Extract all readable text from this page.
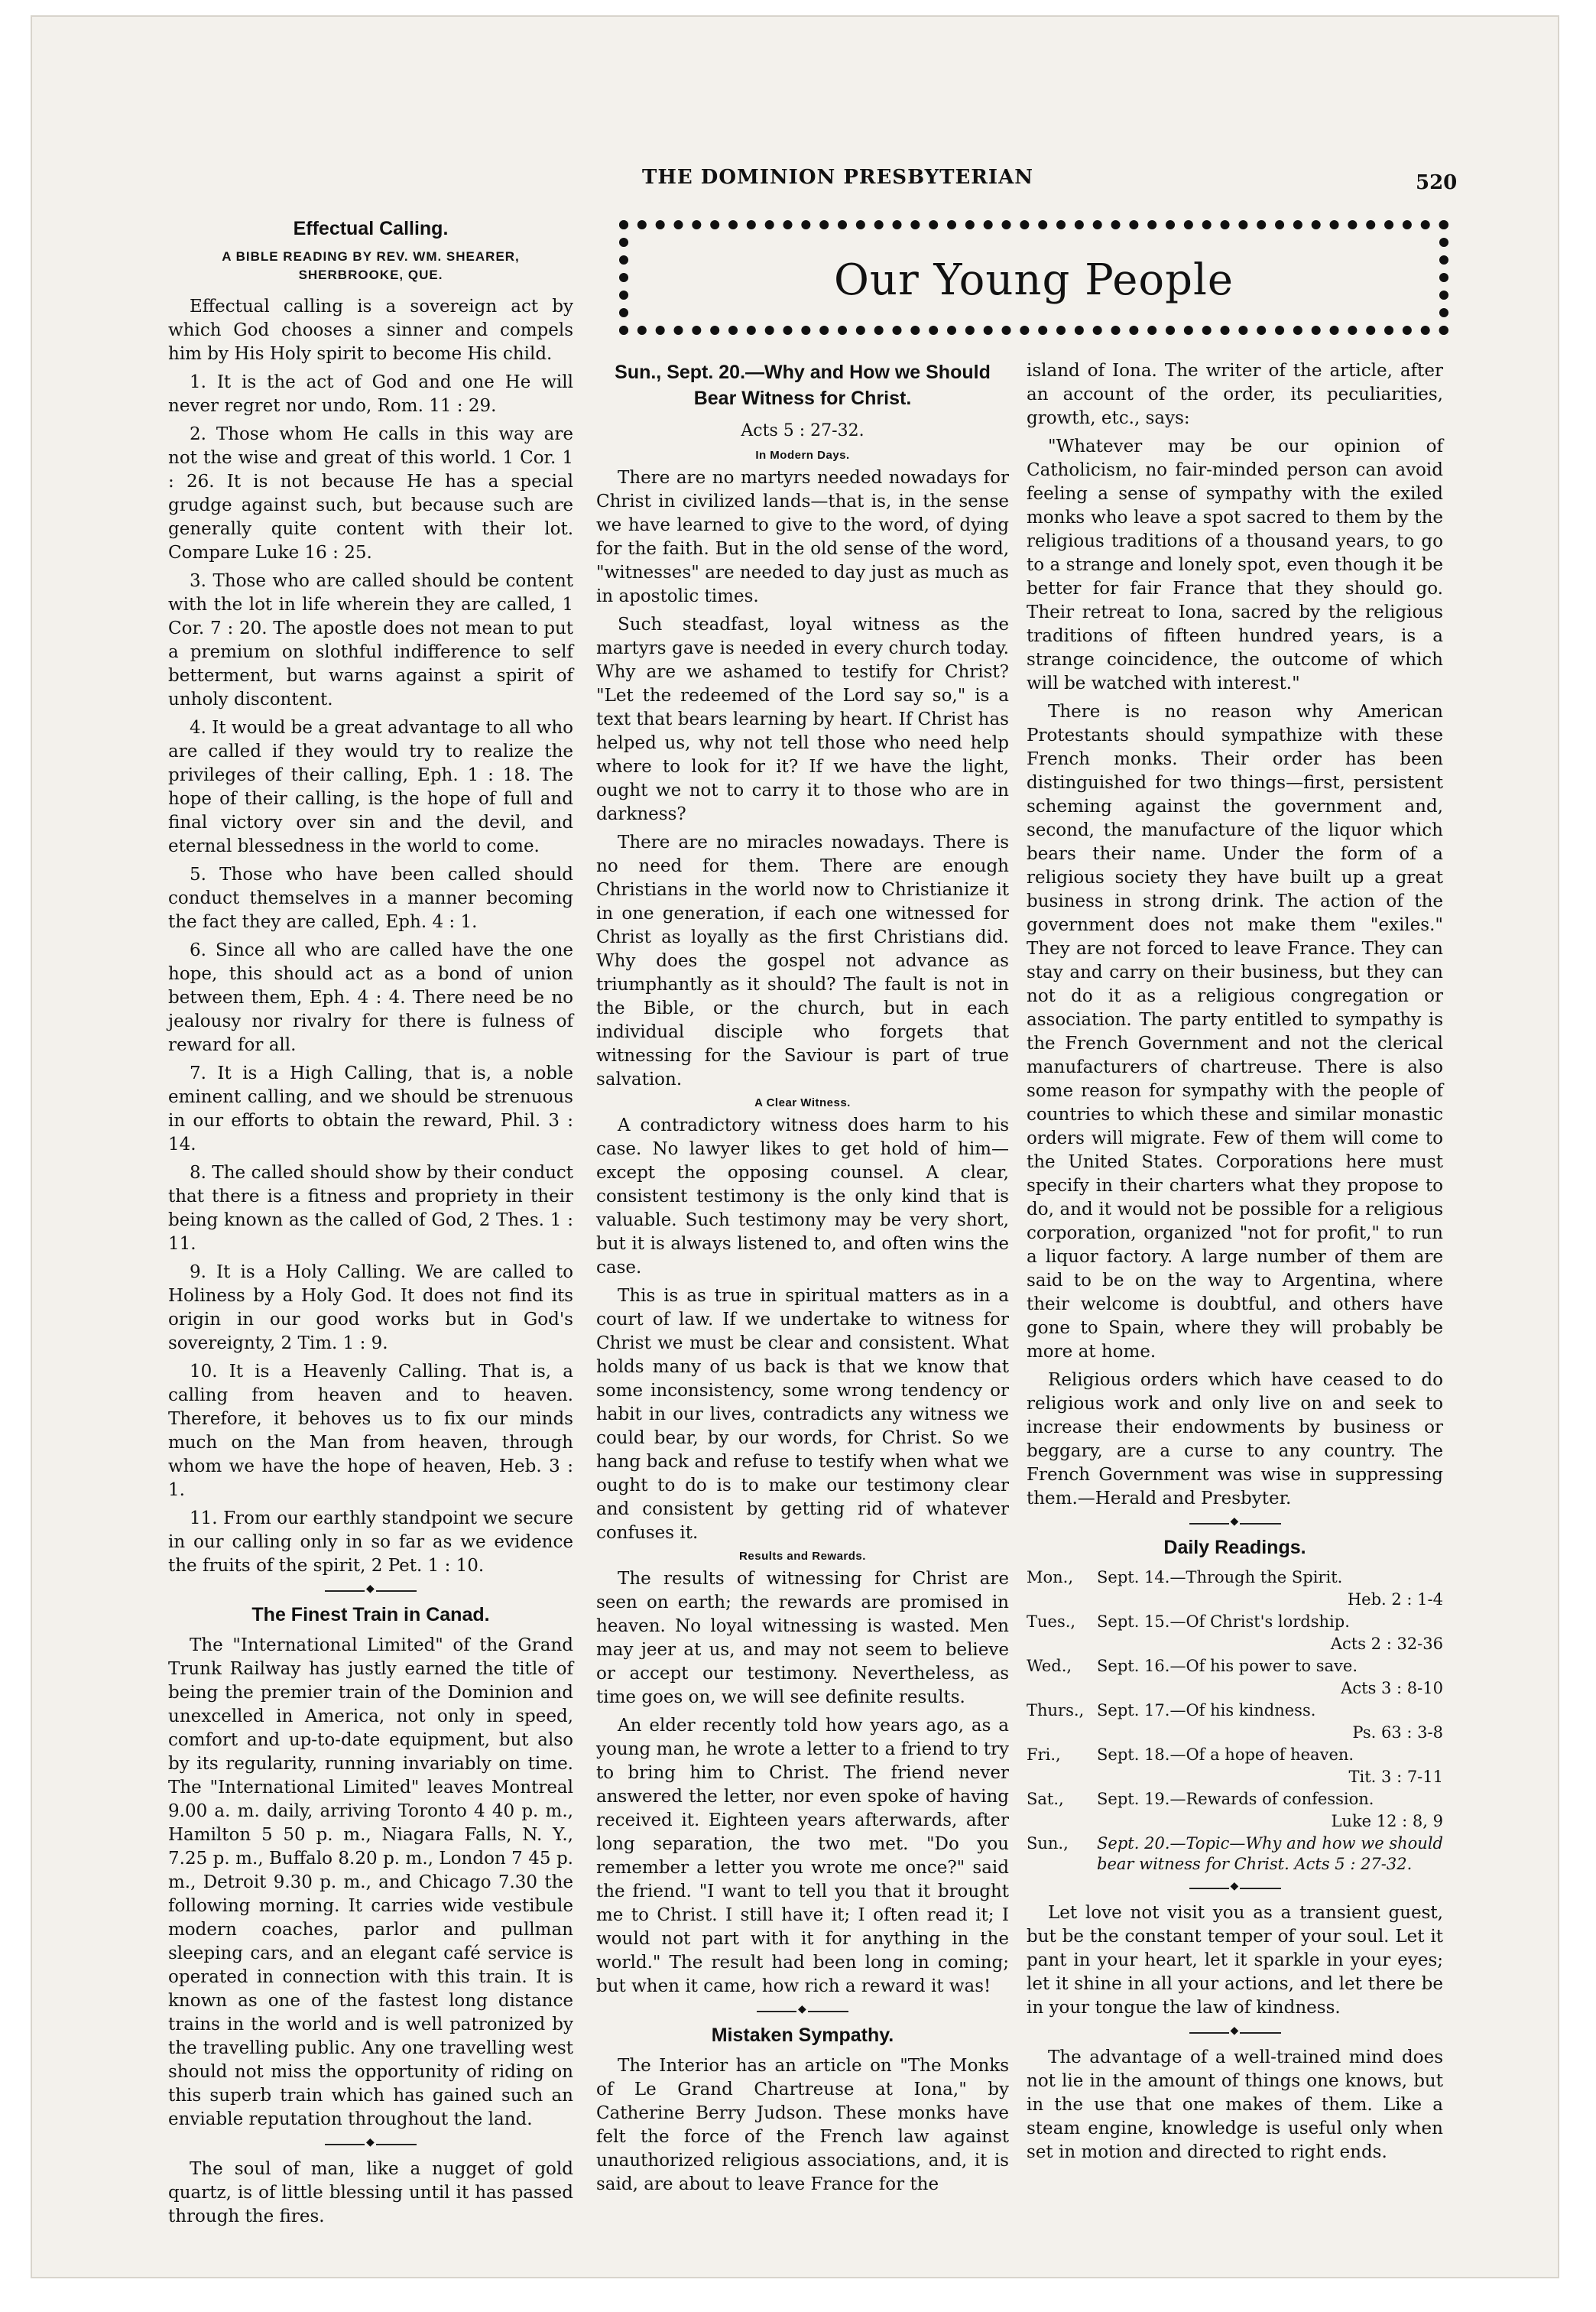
THE DOMINION PRESBYTERIAN	520
Our Young People
Effectual Calling.
A BIBLE READING BY REV. WM. SHEARER, SHERBROOKE, QUE.

Effectual calling is a sovereign act by which God chooses a sinner and compels him by His Holy spirit to become His child.

1. It is the act of God and one He will never regret nor undo, Rom. 11 : 29.

2. Those whom He calls in this way are not the wise and great of this world. 1 Cor. 1 : 26. It is not because He has a special grudge against such, but because such are generally quite content with their lot. Compare Luke 16 : 25.

3. Those who are called should be content with the lot in life wherein they are called, 1 Cor. 7 : 20. The apostle does not mean to put a premium on slothful indifference to self betterment, but warns against a spirit of unholy discontent.

4. It would be a great advantage to all who are called if they would try to realize the privileges of their calling, Eph. 1 : 18. The hope of their calling, is the hope of full and final victory over sin and the devil, and eternal blessedness in the world to come.

5. Those who have been called should conduct themselves in a manner becoming the fact they are called, Eph. 4 : 1.

6. Since all who are called have the one hope, this should act as a bond of union between them, Eph. 4 : 4. There need be no jealousy nor rivalry for there is fulness of reward for all.

7. It is a High Calling, that is, a noble eminent calling, and we should be strenuous in our efforts to obtain the reward, Phil. 3 : 14.

8. The called should show by their conduct that there is a fitness and propriety in their being known as the called of God, 2 Thes. 1 : 11.

9. It is a Holy Calling. We are called to Holiness by a Holy God. It does not find its origin in our good works but in God's sovereignty, 2 Tim. 1 : 9.

10. It is a Heavenly Calling. That is, a calling from heaven and to heaven. Therefore, it behoves us to fix our minds much on the Man from heaven, through whom we have the hope of heaven, Heb. 3 : 1.

11. From our earthly standpoint we secure in our calling only in so far as we evidence the fruits of the spirit, 2 Pet. 1 : 10.

◆
The Finest Train in Canad.

The "International Limited" of the Grand Trunk Railway has justly earned the title of being the premier train of the Dominion and unexcelled in America, not only in speed, comfort and up-to-date equipment, but also by its regularity, running invariably on time. The "International Limited" leaves Montreal 9.00 a. m. daily, arriving Toronto 4 40 p. m., Hamilton 5 50 p. m., Niagara Falls, N. Y., 7.25 p. m., Buffalo 8.20 p. m., London 7 45 p. m., Detroit 9.30 p. m., and Chicago 7.30 the following morning. It carries wide vestibule modern coaches, parlor and pullman sleeping cars, and an elegant café service is operated in connection with this train. It is known as one of the fastest long distance trains in the world and is well patronized by the travelling public. Any one travelling west should not miss the opportunity of riding on this superb train which has gained such an enviable reputation throughout the land.

◆

The soul of man, like a nugget of gold quartz, is of little blessing until it has passed through the fires.

Sun., Sept. 20.—Why and How we Should Bear Witness for Christ.

Acts 5 : 27-32.

In Modern Days.

There are no martyrs needed nowadays for Christ in civilized lands—that is, in the sense we have learned to give to the word, of dying for the faith. But in the old sense of the word, "witnesses" are needed to day just as much as in apostolic times.

Such steadfast, loyal witness as the martyrs gave is needed in every church today. Why are we ashamed to testify for Christ? "Let the redeemed of the Lord say so," is a text that bears learning by heart. If Christ has helped us, why not tell those who need help where to look for it? If we have the light, ought we not to carry it to those who are in darkness?

There are no miracles nowadays. There is no need for them. There are enough Christians in the world now to Christianize it in one generation, if each one witnessed for Christ as loyally as the first Christians did. Why does the gospel not advance as triumphantly as it should? The fault is not in the Bible, or the church, but in each individual disciple who forgets that witnessing for the Saviour is part of true salvation.

A Clear Witness.

A contradictory witness does harm to his case. No lawyer likes to get hold of him—except the opposing counsel. A clear, consistent testimony is the only kind that is valuable. Such testimony may be very short, but it is always listened to, and often wins the case.

This is as true in spiritual matters as in a court of law. If we undertake to witness for Christ we must be clear and consistent. What holds many of us back is that we know that some inconsistency, some wrong tendency or habit in our lives, contradicts any witness we could bear, by our words, for Christ. So we hang back and refuse to testify when what we ought to do is to make our testimony clear and consistent by getting rid of whatever confuses it.

Results and Rewards.

The results of witnessing for Christ are seen on earth; the rewards are promised in heaven. No loyal witnessing is wasted. Men may jeer at us, and may not seem to believe or accept our testimony. Nevertheless, as time goes on, we will see definite results.

An elder recently told how years ago, as a young man, he wrote a letter to a friend to try to bring him to Christ. The friend never answered the letter, nor even spoke of having received it. Eighteen years afterwards, after long separation, the two met. "Do you remember a letter you wrote me once?" said the friend. "I want to tell you that it brought me to Christ. I still have it; I often read it; I would not part with it for anything in the world." The result had been long in coming; but when it came, how rich a reward it was!

◆
Mistaken Sympathy.

The Interior has an article on "The Monks of Le Grand Chartreuse at Iona," by Catherine Berry Judson. These monks have felt the force of the French law against unauthorized religious associations, and, it is said, are about to leave France for the

island of Iona. The writer of the article, after an account of the order, its peculiarities, growth, etc., says:

"Whatever may be our opinion of Catholicism, no fair-minded person can avoid feeling a sense of sympathy with the exiled monks who leave a spot sacred to them by the religious traditions of a thousand years, to go to a strange and lonely spot, even though it be better for fair France that they should go. Their retreat to Iona, sacred by the religious traditions of fifteen hundred years, is a strange coincidence, the outcome of which will be watched with interest."

There is no reason why American Protestants should sympathize with these French monks. Their order has been distinguished for two things—first, persistent scheming against the government and, second, the manufacture of the liquor which bears their name. Under the form of a religious society they have built up a great business in strong drink. The action of the government does not make them "exiles." They are not forced to leave France. They can stay and carry on their business, but they can not do it as a religious congregation or association. The party entitled to sympathy is the French Government and not the clerical manufacturers of chartreuse. There is also some reason for sympathy with the people of countries to which these and similar monastic orders will migrate. Few of them will come to the United States. Corporations here must specify in their charters what they propose to do, and it would not be possible for a religious corporation, organized "not for profit," to run a liquor factory. A large number of them are said to be on the way to Argentina, where their welcome is doubtful, and others have gone to Spain, where they will probably be more at home.

Religious orders which have ceased to do religious work and only live on and seek to increase their endowments by business or beggary, are a curse to any country. The French Government was wise in suppressing them.—Herald and Presbyter.

◆
Daily Readings.
Mon.,	Sept. 14.—Through the Spirit.
	Heb. 2 : 1-4
Tues.,	Sept. 15.—Of Christ's lordship.
	Acts 2 : 32-36
Wed.,	Sept. 16.—Of his power to save.
	Acts 3 : 8-10
Thurs.,	Sept. 17.—Of his kindness.
	Ps. 63 : 3-8
Fri.,	Sept. 18.—Of a hope of heaven.
	Tit. 3 : 7-11
Sat.,	Sept. 19.—Rewards of confession.
	Luke 12 : 8, 9
Sun.,	Sept. 20.—Topic—Why and how we should bear witness for Christ. Acts 5 : 27-32.
◆

Let love not visit you as a transient guest, but be the constant temper of your soul. Let it pant in your heart, let it sparkle in your eyes; let it shine in all your actions, and let there be in your tongue the law of kindness.

◆

The advantage of a well-trained mind does not lie in the amount of things one knows, but in the use that one makes of them. Like a steam engine, knowledge is useful only when set in motion and directed to right ends.
